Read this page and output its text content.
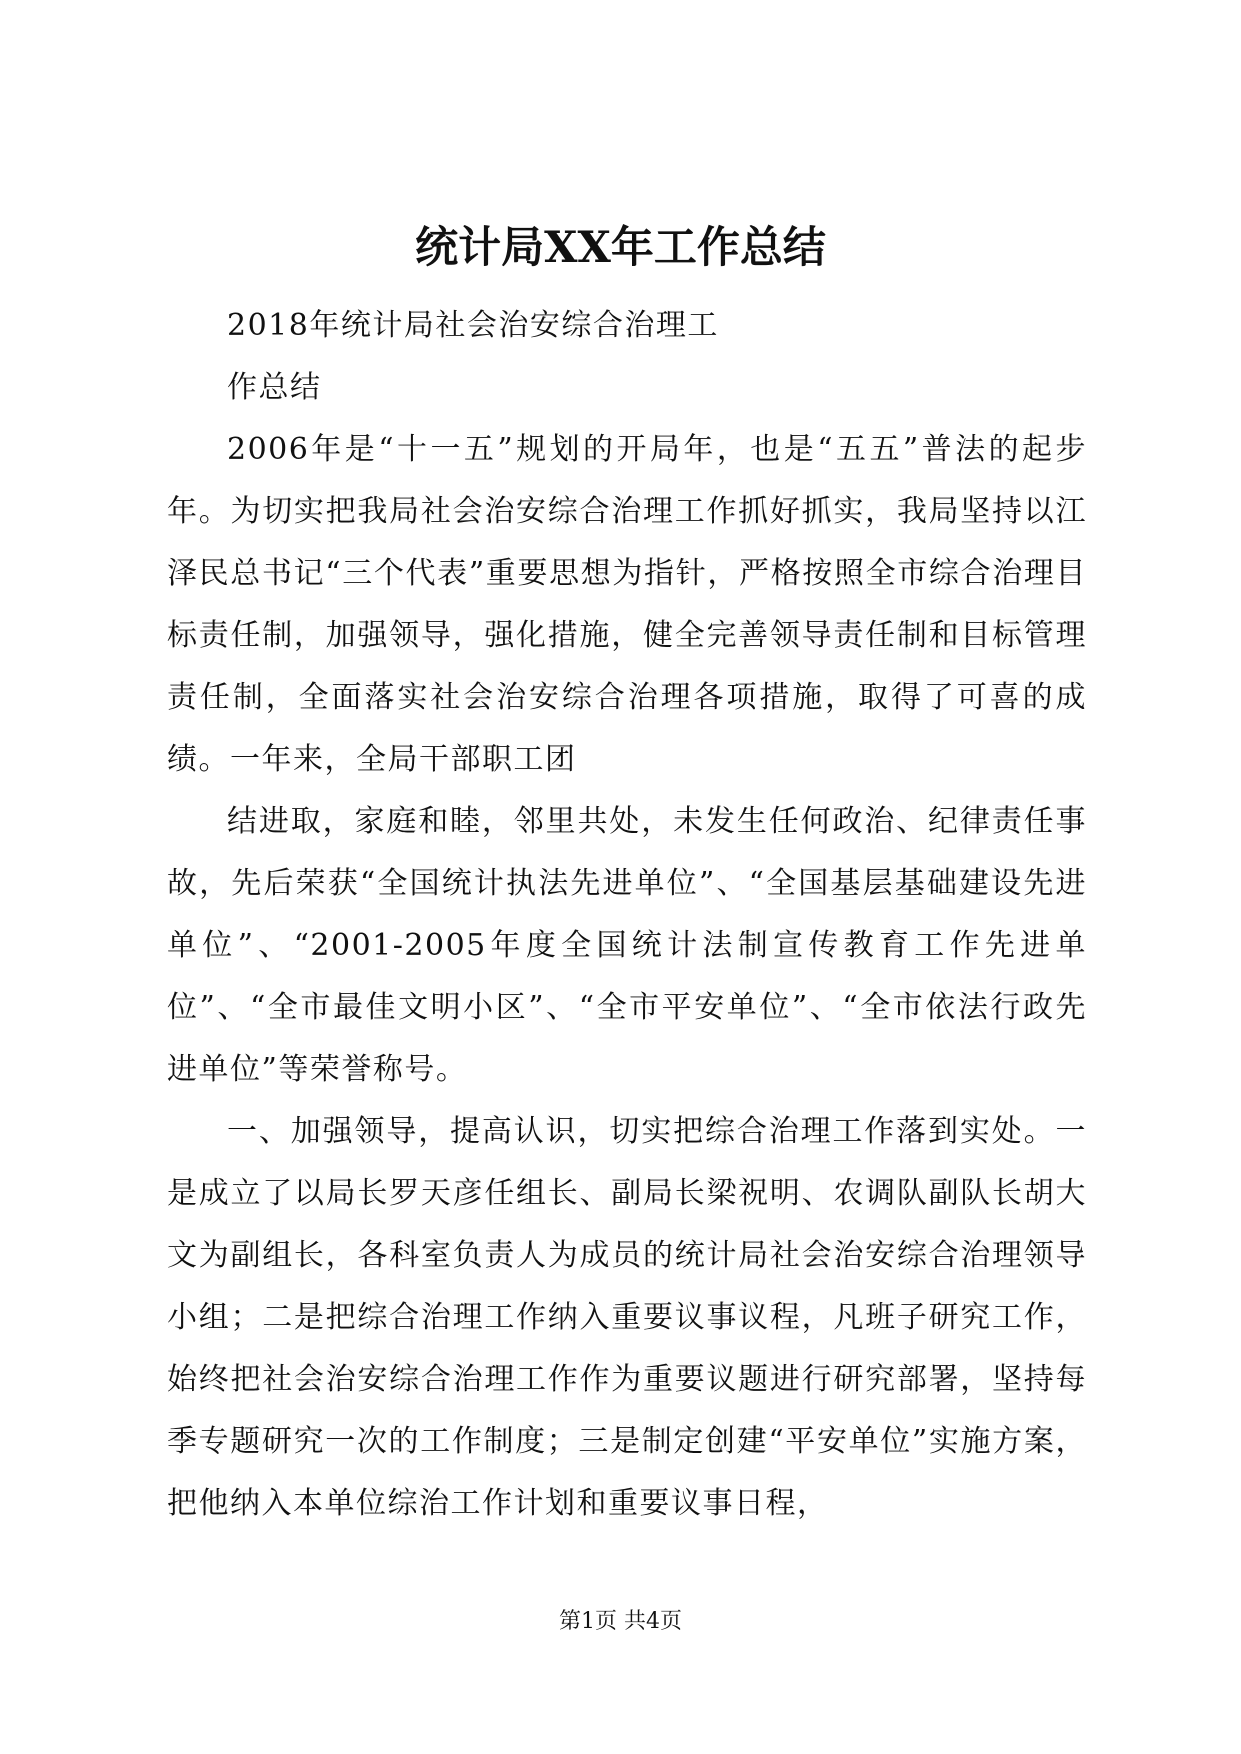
统计局XX年工作总结

2018年统计局社会治安综合治理工

作总结

2006年是“十一五”规划的开局年，也是“五五”普法的起步年。为切实把我局社会治安综合治理工作抓好抓实，我局坚持以江泽民总书记“三个代表”重要思想为指针，严格按照全市综合治理目标责任制，加强领导，强化措施，健全完善领导责任制和目标管理责任制，全面落实社会治安综合治理各项措施，取得了可喜的成绩。一年来，全局干部职工团

结进取，家庭和睦，邻里共处，未发生任何政治、纪律责任事故，先后荣获“全国统计执法先进单位”、“全国基层基础建设先进单位”、“2001-2005年度全国统计法制宣传教育工作先进单位”、“全市最佳文明小区”、“全市平安单位”、“全市依法行政先进单位”等荣誉称号。

一、加强领导，提高认识，切实把综合治理工作落到实处。一是成立了以局长罗天彦任组长、副局长梁祝明、农调队副队长胡大文为副组长，各科室负责人为成员的统计局社会治安综合治理领导小组；二是把综合治理工作纳入重要议事议程，凡班子研究工作，始终把社会治安综合治理工作作为重要议题进行研究部署，坚持每季专题研究一次的工作制度；三是制定创建“平安单位”实施方案，把他纳入本单位综治工作计划和重要议事日程，

第1页 共4页
